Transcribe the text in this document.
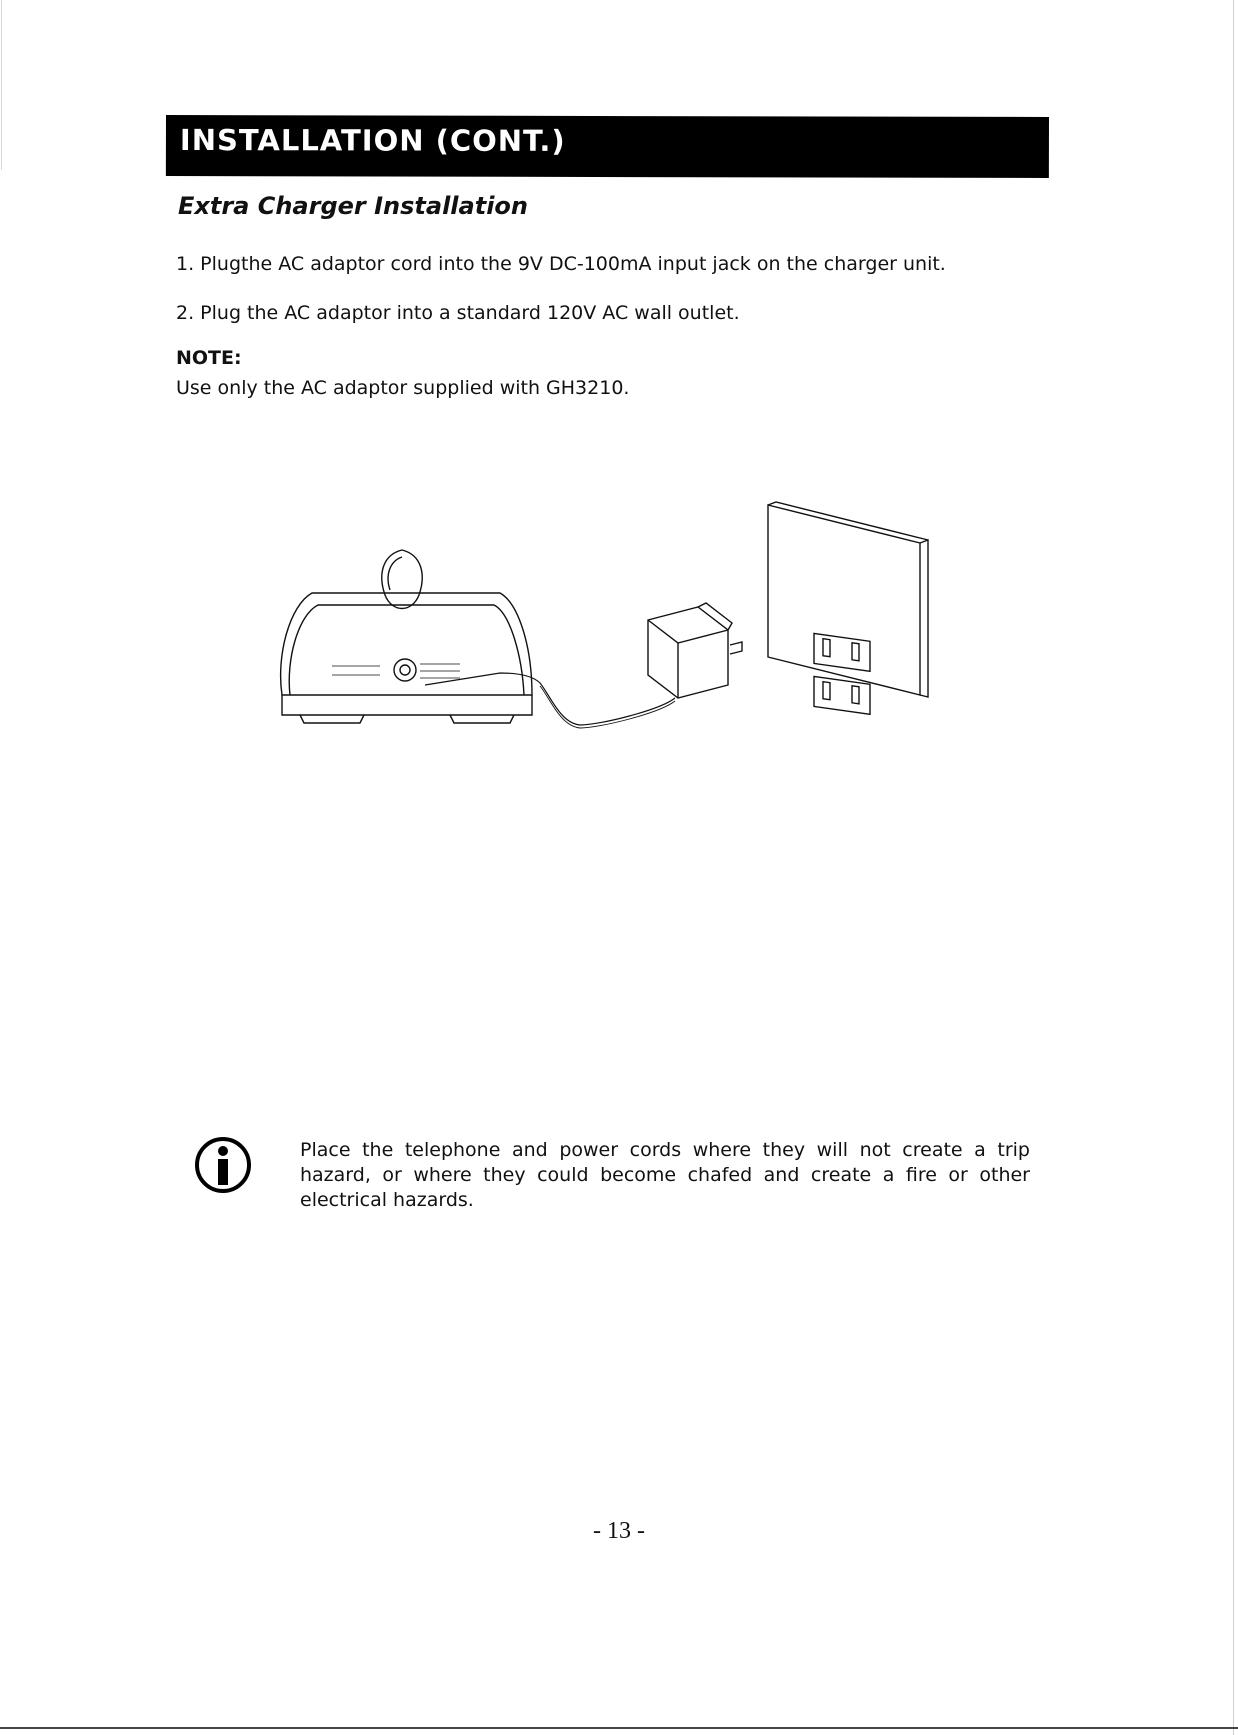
INSTALLATION (CONT.)
Extra Charger Installation
1. Plugthe AC adaptor cord into the 9V DC-100mA input jack on the charger unit.
2. Plug the AC adaptor into a standard 120V AC wall outlet.
NOTE:
Use only the AC adaptor supplied with GH3210.
Place the telephone and power cords where they will not create a trip hazard, or where they could become chafed and create a fire or other electrical hazards.
- 13 -
